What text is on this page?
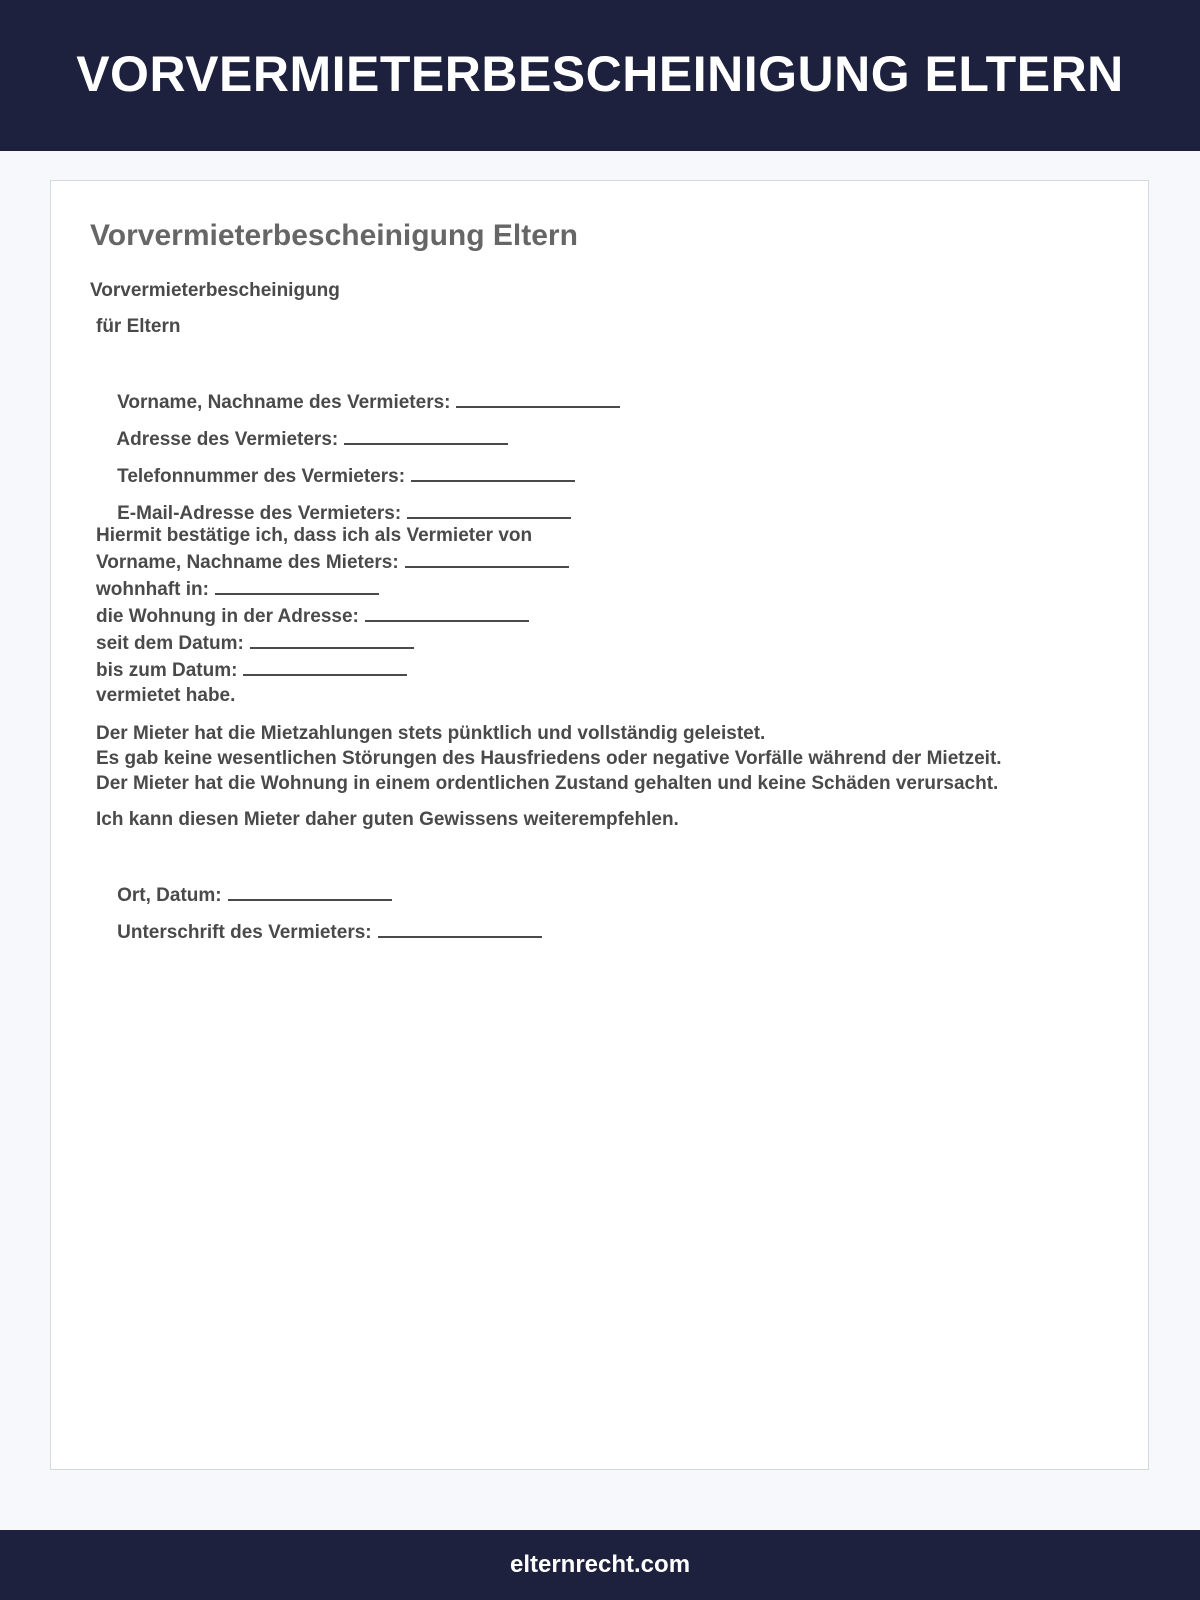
VORVERMIETERBESCHEINIGUNG ELTERN
Vorvermieterbescheinigung Eltern
Vorvermieterbescheinigung
für Eltern

Vorname, Nachname des Vermieters:

Adresse des Vermieters:

Telefonnummer des Vermieters:

E-Mail-Adresse des Vermieters:

Hiermit bestätige ich, dass ich als Vermieter von
Vorname, Nachname des Mieters:
wohnhaft in:
die Wohnung in der Adresse:
seit dem Datum:
bis zum Datum:
vermietet habe.
Der Mieter hat die Mietzahlungen stets pünktlich und vollständig geleistet.
Es gab keine wesentlichen Störungen des Hausfriedens oder negative Vorfälle während der Mietzeit.
Der Mieter hat die Wohnung in einem ordentlichen Zustand gehalten und keine Schäden verursacht.
Ich kann diesen Mieter daher guten Gewissens weiterempfehlen.

Ort, Datum:

Unterschrift des Vermieters:

elternrecht.com
